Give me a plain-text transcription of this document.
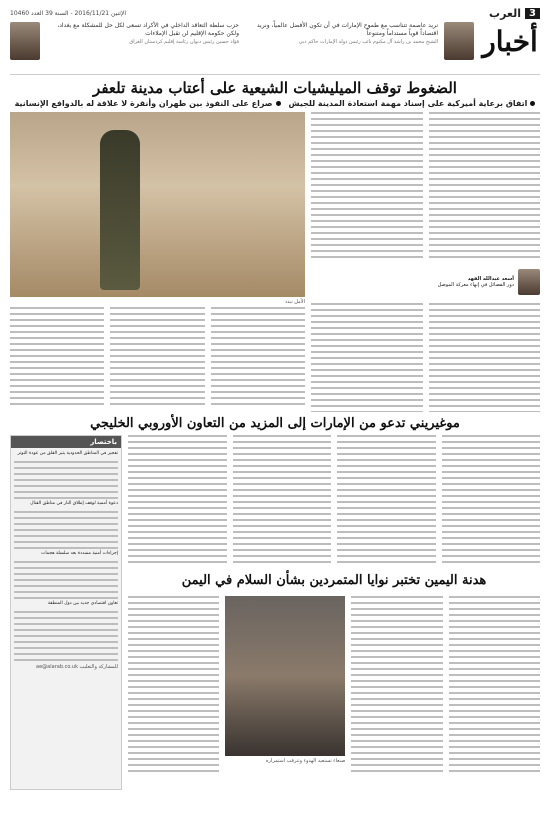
3
العرب
الإثنين 2016/11/21 - السنة 39 العدد 10460
أخبار
نريد عاصمة تتناسب مع طموح الإمارات في أن تكون الأفضل عالمياً، ونريد اقتصاداً قوياً مستداماً ومتنوعاً
الشيخ محمد بن راشد آل مكتوم نائب رئيس دولة الإمارات حاكم دبي
حزب سلطة التعاقد الداخلي في الأكراد تسعى لكل حل للمشكلة مع بغداد، ولكن حكومة الإقليم لن تقبل الإملاءات
فؤاد حسين رئيس ديوان رئاسة إقليم كردستان العراق
الضغوط توقف الميليشيات الشيعية على أعتاب مدينة تلعفر
اتفاق برعاية أميركية على إسناد مهمة استعادة المدينة للجيش
صراع على النفوذ بين طهران وأنقرة لا علاقة له بالدوافع الإنسانية
أسعد عبدالله الفهد
دور الفصائل في إنهاء معركة الموصل
الأمل تبدد
موغيريني تدعو من الإمارات إلى المزيد من التعاون الأوروبي الخليجي
هدنة اليمين تختبر نوايا المتمردين بشأن السلام في اليمن
صنعاء تستعيد الهدوء وتترقب استمراره
باختصار

تفجير في المناطق الحدودية يثير القلق من عودة التوتر

دعوة أممية لوقف إطلاق النار في مناطق القتال

إجراءات أمنية مشددة بعد سلسلة هجمات

تعاون اقتصادي جديد بين دول المنطقة

للمشاركة والتعليب ae@alarab.co.uk
